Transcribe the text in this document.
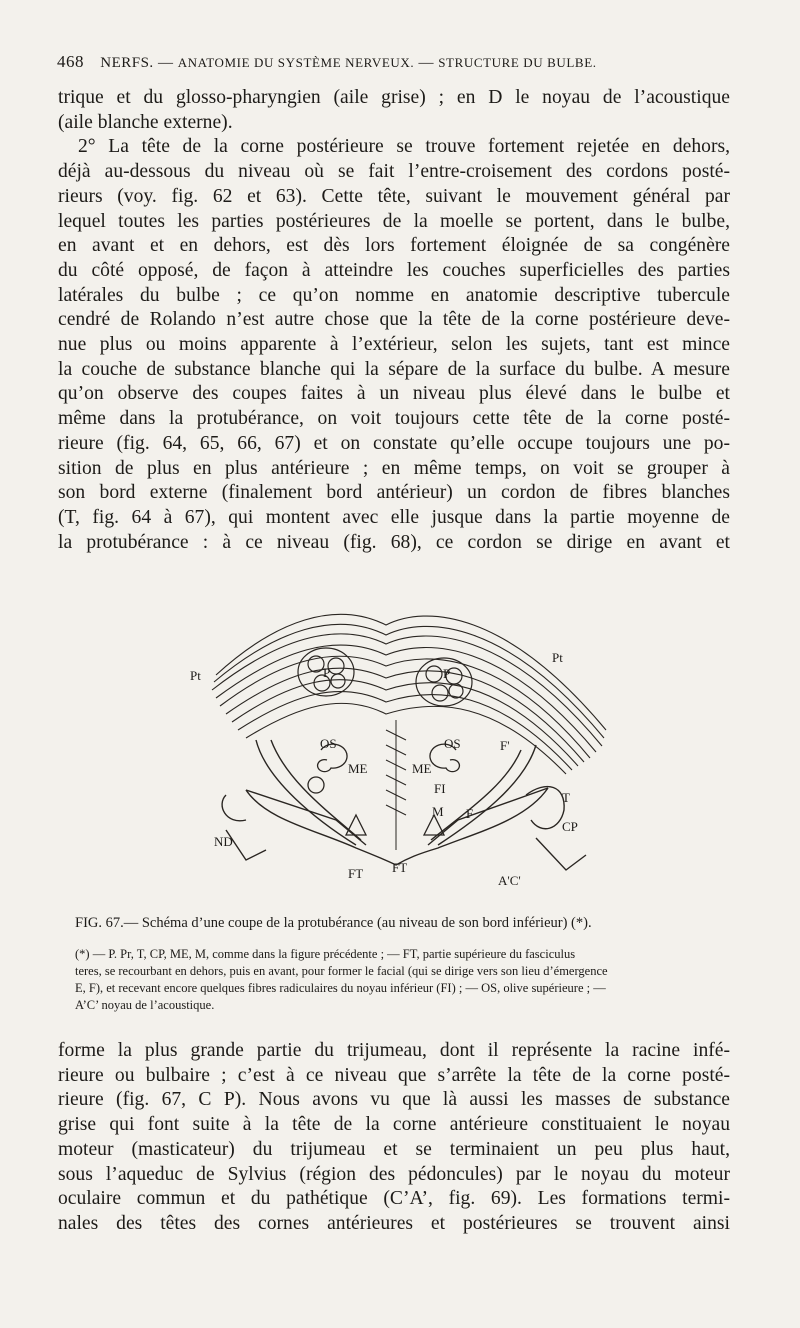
468 NERFS. — ANATOMIE DU SYSTÈME NERVEUX. — STRUCTURE DU BULBE.
trique et du glosso-pharyngien (aile grise) ; en D le noyau de l’acoustique
(aile blanche externe).
2° La tête de la corne postérieure se trouve fortement rejetée en dehors,
déjà au-dessous du niveau où se fait l’entre-croisement des cordons posté-
rieurs (voy. fig. 62 et 63). Cette tête, suivant le mouvement général par
lequel toutes les parties postérieures de la moelle se portent, dans le bulbe,
en avant et en dehors, est dès lors fortement éloignée de sa congénère
du côté opposé, de façon à atteindre les couches superficielles des parties
latérales du bulbe ; ce qu’on nomme en anatomie descriptive tubercule
cendré de Rolando n’est autre chose que la tête de la corne postérieure deve-
nue plus ou moins apparente à l’extérieur, selon les sujets, tant est mince
la couche de substance blanche qui la sépare de la surface du bulbe. A mesure
qu’on observe des coupes faites à un niveau plus élevé dans le bulbe et
même dans la protubérance, on voit toujours cette tête de la corne posté-
rieure (fig. 64, 65, 66, 67) et on constate qu’elle occupe toujours une po-
sition de plus en plus antérieure ; en même temps, on voit se grouper à
son bord externe (finalement bord antérieur) un cordon de fibres blanches
(T, fig. 64 à 67), qui montent avec elle jusque dans la partie moyenne de
la protubérance : à ce niveau (fig. 68), ce cordon se dirige en avant et
Pt
Pt
P	P
OS	OS
ME	ME
F'
T
CP
FI
M F
ND
FT FT
A'C'
FIG. 67.— Schéma d’une coupe de la protubérance (au niveau de son bord inférieur) (*).
(*) — P. Pr, T, CP, ME, M, comme dans la figure précédente ; — FT, partie supérieure du fasciculus
teres, se recourbant en dehors, puis en avant, pour former le facial (qui se dirige vers son lieu d’émergence
E, F), et recevant encore quelques fibres radiculaires du noyau inférieur (FI) ; — OS, olive supérieure ; —
A’C’ noyau de l’acoustique.
forme la plus grande partie du trijumeau, dont il représente la racine infé-
rieure ou bulbaire ; c’est à ce niveau que s’arrête la tête de la corne posté-
rieure (fig. 67, C P). Nous avons vu que là aussi les masses de substance
grise qui font suite à la tête de la corne antérieure constituaient le noyau
moteur (masticateur) du trijumeau et se terminaient un peu plus haut,
sous l’aqueduc de Sylvius (région des pédoncules) par le noyau du moteur
oculaire commun et du pathétique (C’A’, fig. 69). Les formations termi-
nales des têtes des cornes antérieures et postérieures se trouvent ainsi
